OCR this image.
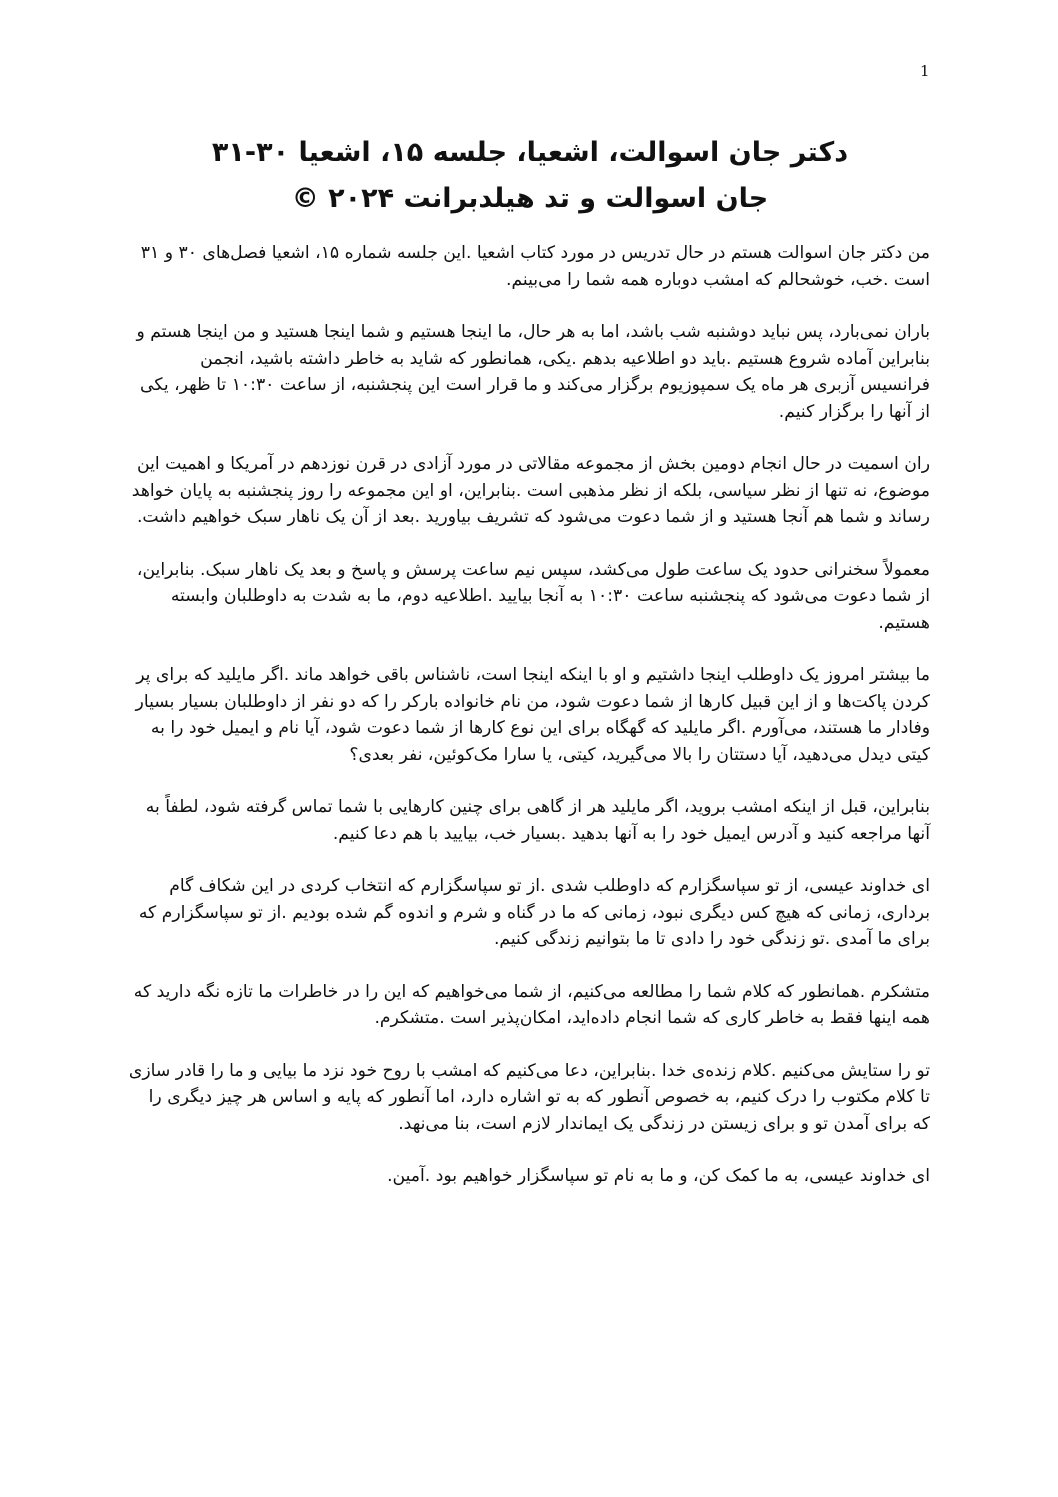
1

دکتر جان اسوالت، اشعیا، جلسه ۱۵، اشعیا ۳۰-۳۱

جان اسوالت و تد هیلدبرانت ۲۰۲۴ ©

من دکتر جان اسوالت هستم در حال تدریس در مورد کتاب اشعیا .این جلسه شماره ۱۵، اشعیا فصل‌های ۳۰ و ۳۱ است .خب، خوشحالم که امشب دوباره همه شما را می‌بینم.

باران نمی‌بارد، پس نباید دوشنبه شب باشد، اما به هر حال، ما اینجا هستیم و شما اینجا هستید و من اینجا هستم و بنابراین آماده شروع هستیم .باید دو اطلاعیه بدهم .یکی، همانطور که شاید به خاطر داشته باشید، انجمن فرانسیس آزبری هر ماه یک سمپوزیوم برگزار می‌کند و ما قرار است این پنجشنبه، از ساعت ۱۰:۳۰ تا ظهر، یکی از آنها را برگزار کنیم.

ران اسمیت در حال انجام دومین بخش از مجموعه مقالاتی در مورد آزادی در قرن نوزدهم در آمریکا و اهمیت این موضوع، نه تنها از نظر سیاسی، بلکه از نظر مذهبی است .بنابراین، او این مجموعه را روز پنجشنبه به پایان خواهد رساند و شما هم آنجا هستید و از شما دعوت می‌شود که تشریف بیاورید .بعد از آن یک ناهار سبک خواهیم داشت.

معمولاً سخنرانی حدود یک ساعت طول می‌کشد، سپس نیم ساعت پرسش و پاسخ و بعد یک ناهار سبک. بنابراین، از شما دعوت می‌شود که پنجشنبه ساعت ۱۰:۳۰ به آنجا بیایید .اطلاعیه دوم، ما به شدت به داوطلبان وابسته هستیم.

ما بیشتر امروز یک داوطلب اینجا داشتیم و او با اینکه اینجا است، ناشناس باقی خواهد ماند .اگر مایلید که برای پر کردن پاکت‌ها و از این قبیل کارها از شما دعوت شود، من نام خانواده بارکر را که دو نفر از داوطلبان بسیار بسیار وفادار ما هستند، می‌آورم .اگر مایلید که گهگاه برای این نوع کارها از شما دعوت شود، آیا نام و ایمیل خود را به کیتی دیدل می‌دهید، آیا دستتان را بالا می‌گیرید، کیتی، یا سارا مک‌کوئین، نفر بعدی؟

بنابراین، قبل از اینکه امشب بروید، اگر مایلید هر از گاهی برای چنین کارهایی با شما تماس گرفته شود، لطفاً به آنها مراجعه کنید و آدرس ایمیل خود را به آنها بدهید .بسیار خب، بیایید با هم دعا کنیم.

ای خداوند عیسی، از تو سپاسگزارم که داوطلب شدی .از تو سپاسگزارم که انتخاب کردی در این شکاف گام برداری، زمانی که هیچ کس دیگری نبود، زمانی که ما در گناه و شرم و اندوه گم شده بودیم .از تو سپاسگزارم که برای ما آمدی .تو زندگی خود را دادی تا ما بتوانیم زندگی کنیم.

متشکرم .همانطور که کلام شما را مطالعه می‌کنیم، از شما می‌خواهیم که این را در خاطرات ما تازه نگه دارید که همه اینها فقط به خاطر کاری که شما انجام داده‌اید، امکان‌پذیر است .متشکرم.

تو را ستایش می‌کنیم .کلام زنده‌ی خدا .بنابراین، دعا می‌کنیم که امشب با روح خود نزد ما بیایی و ما را قادر سازی تا کلام مکتوب را درک کنیم، به خصوص آنطور که به تو اشاره دارد، اما آنطور که پایه و اساس هر چیز دیگری را که برای آمدن تو و برای زیستن در زندگی یک ایماندار لازم است، بنا می‌نهد.

ای خداوند عیسی، به ما کمک کن، و ما به نام تو سپاسگزار خواهیم بود .آمین.
